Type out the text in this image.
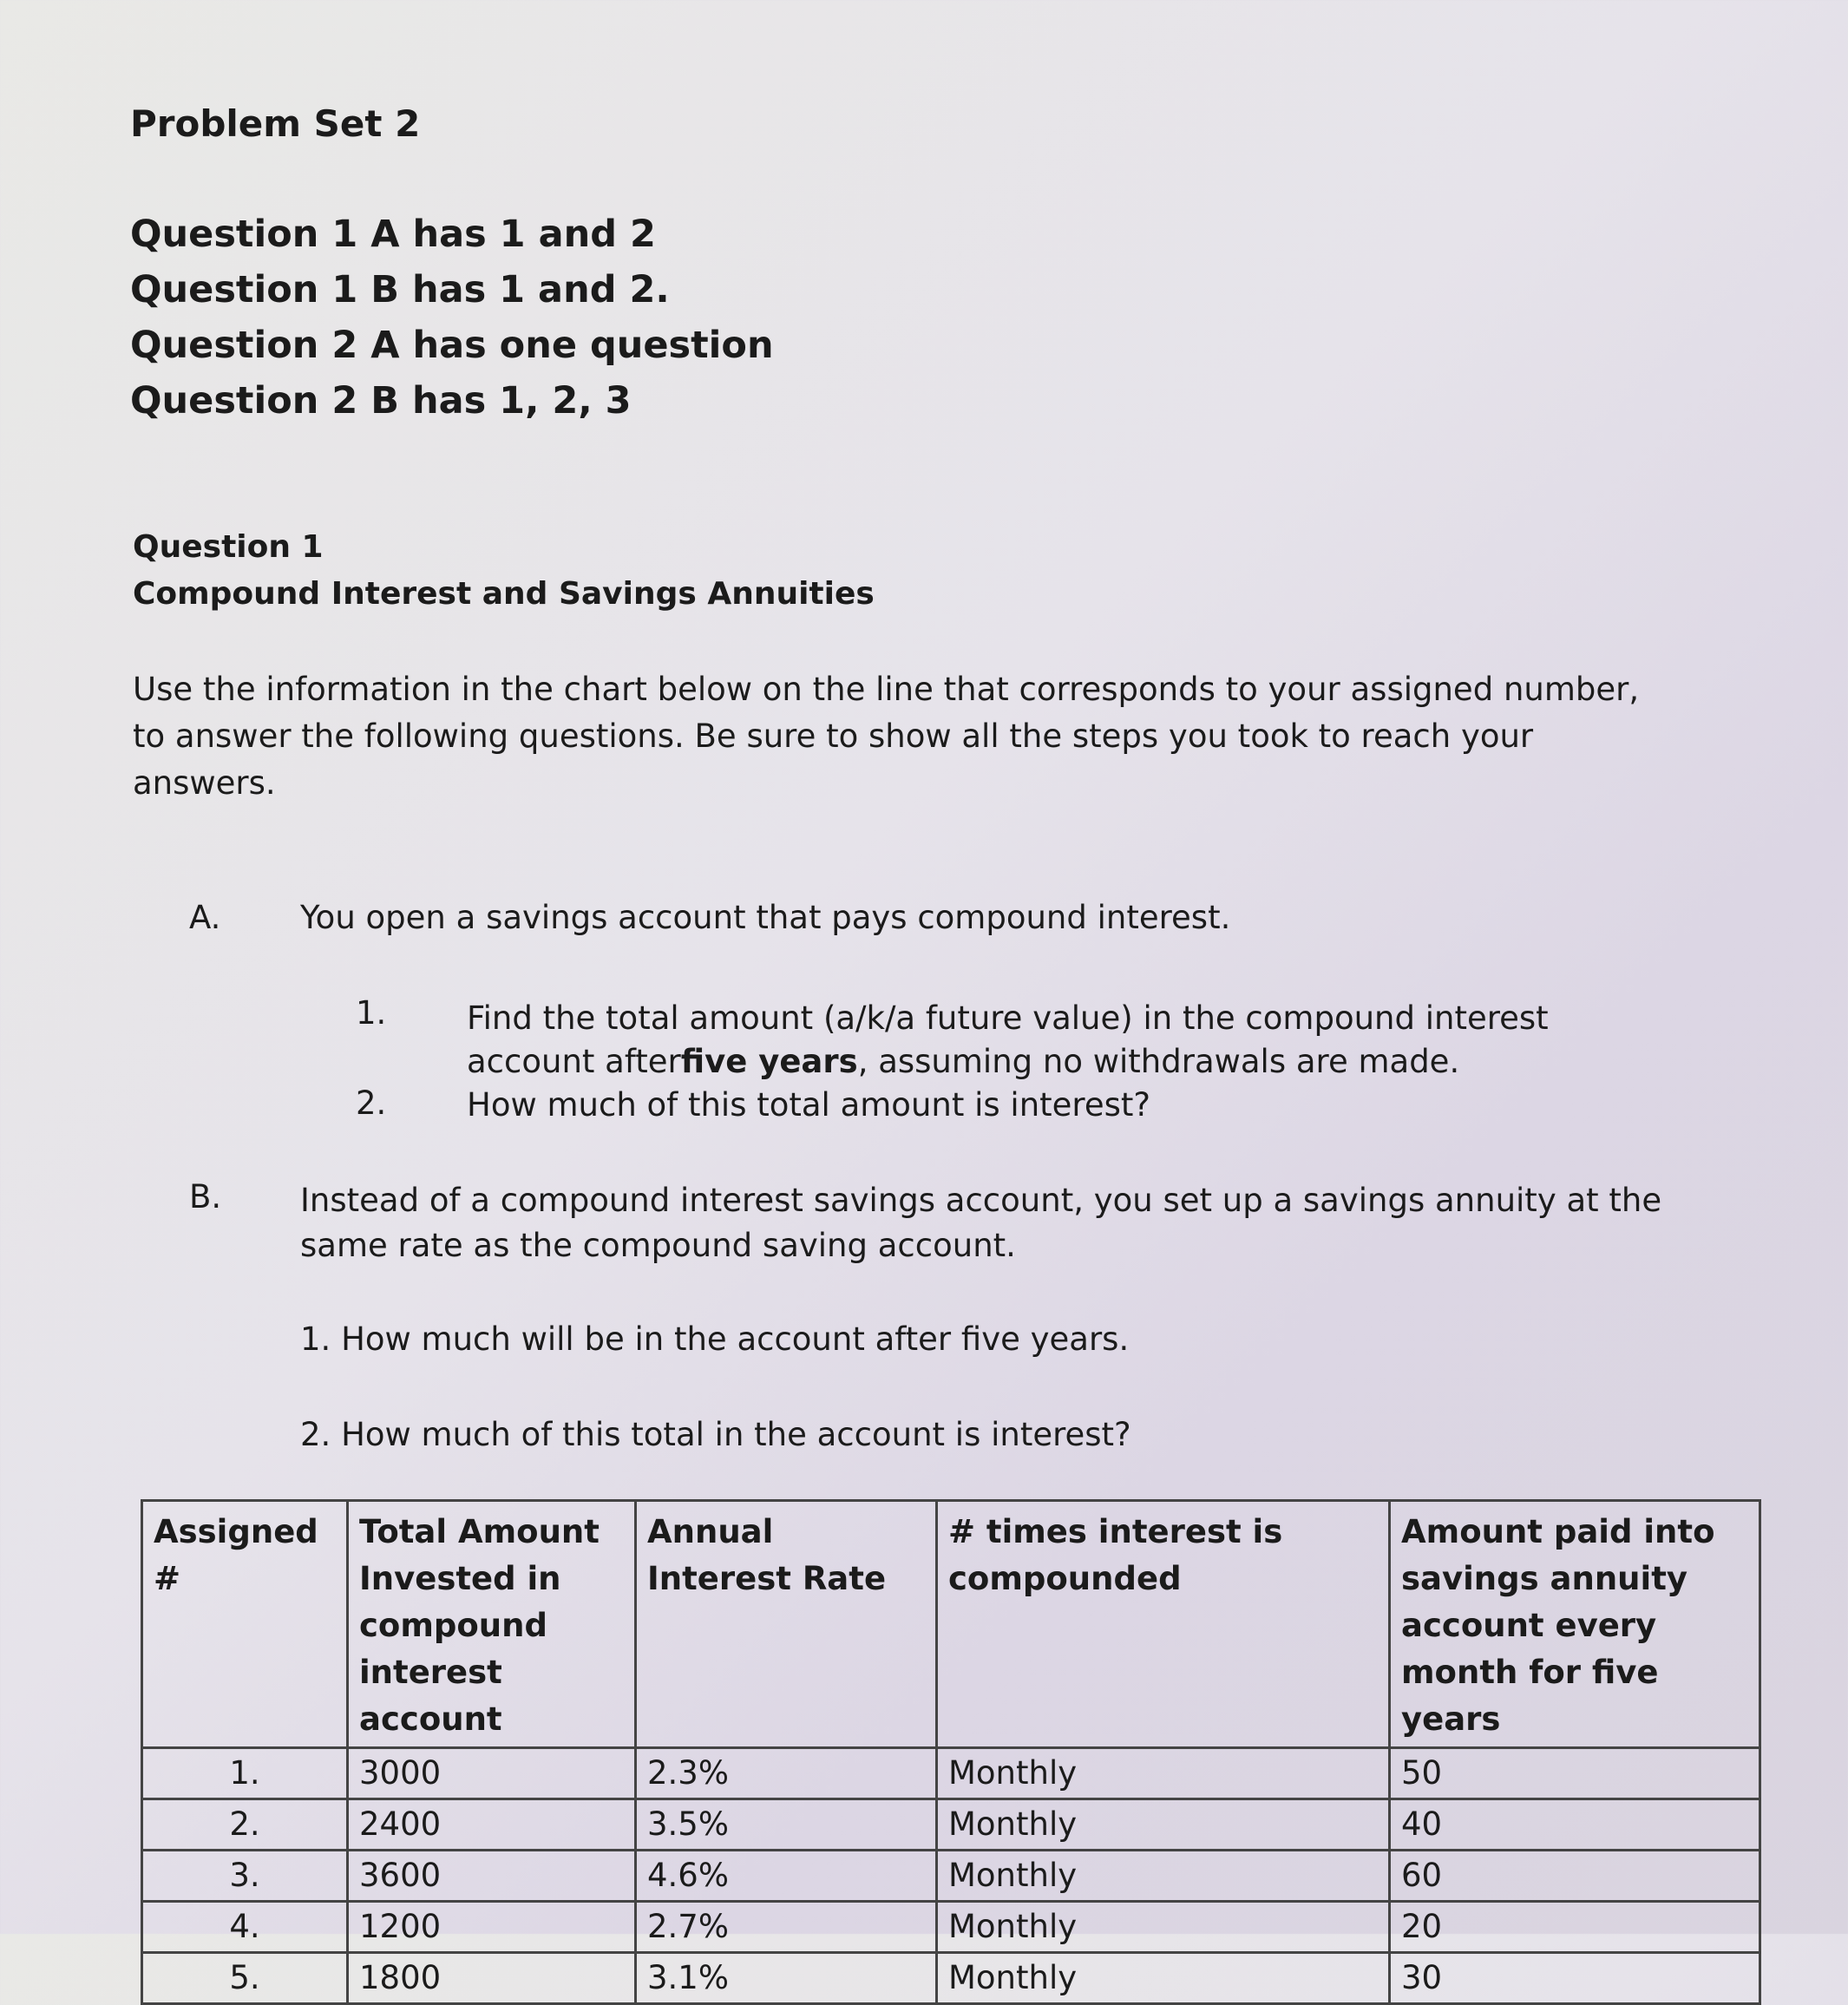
Problem Set 2
Question 1 A has 1 and 2
Question 1 B has 1 and 2.
Question 2 A has one question
Question 2 B has 1, 2, 3
Question 1
Compound Interest and Savings Annuities
Use the information in the chart below on the line that corresponds to your assigned number,
to answer the following questions. Be sure to show all the steps you took to reach your
answers.
A. You open a savings account that pays compound interest.
1.	Find the total amount (a/k/a future value) in the compound interest
account afterfive years, assuming no withdrawals are made.
2.	How much of this total amount is interest?
B. Instead of a compound interest savings account, you set up a savings annuity at the
same rate as the compound saving account.
1. How much will be in the account after five years.
2. How much of this total in the account is interest?
Assigned #	Total Amount Invested in compound interest account	Annual Interest Rate	# times interest is compounded	Amount paid into savings annuity account every month for five years
1.	3000	2.3%	Monthly	50
2.	2400	3.5%	Monthly	40
3.	3600	4.6%	Monthly	60
4.	1200	2.7%	Monthly	20
5.	1800	3.1%	Monthly	30
